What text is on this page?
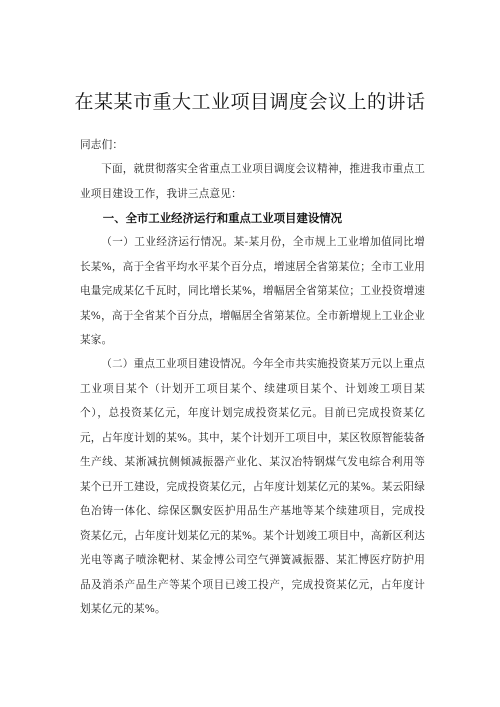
在某某市重大工业项目调度会议上的讲话
同志们：
下面，就贯彻落实全省重点工业项目调度会议精神，推进我市重点工业项目建设工作，我讲三点意见：
一、全市工业经济运行和重点工业项目建设情况
（一）工业经济运行情况。某-某月份，全市规上工业增加值同比增长某%，高于全省平均水平某个百分点，增速居全省第某位；全市工业用电量完成某亿千瓦时，同比增长某%，增幅居全省第某位；工业投资增速某%，高于全省某个百分点，增幅居全省第某位。全市新增规上工业企业某家。
（二）重点工业项目建设情况。今年全市共实施投资某万元以上重点工业项目某个（计划开工项目某个、续建项目某个、计划竣工项目某个），总投资某亿元，年度计划完成投资某亿元。目前已完成投资某亿元，占年度计划的某%。其中，某个计划开工项目中，某区牧原智能装备生产线、某淅减抗侧倾减振器产业化、某汉冶特钢煤气发电综合利用等某个已开工建设，完成投资某亿元，占年度计划某亿元的某%。某云阳绿色冶铸一体化、综保区飘安医护用品生产基地等某个续建项目，完成投资某亿元，占年度计划某亿元的某%。某个计划竣工项目中，高新区利达光电等离子喷涂靶材、某金博公司空气弹簧减振器、某汇博医疗防护用品及消杀产品生产等某个项目已竣工投产，完成投资某亿元，占年度计划某亿元的某%。
